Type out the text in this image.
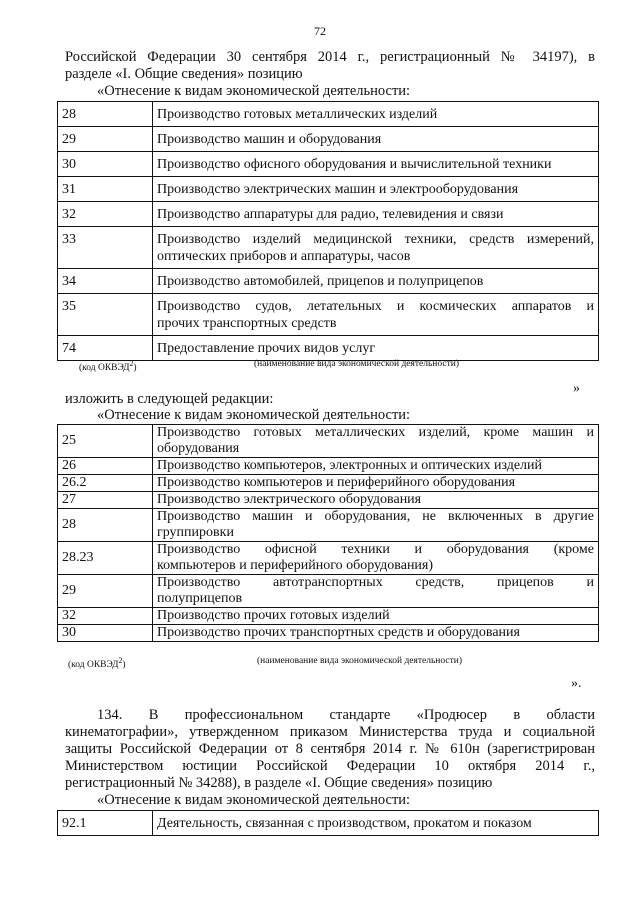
72
Российской Федерации 30 сентября 2014 г., регистрационный № 34197), в
разделе «I. Общие сведения» позицию
«Отнесение к видам экономической деятельности:
28	Производство готовых металлических изделий
29	Производство машин и оборудования
30	Производство офисного оборудования и вычислительной техники
31	Производство электрических машин и электрооборудования
32	Производство аппаратуры для радио, телевидения и связи
33	Производство изделий медицинской техники, средств измерений,
оптических приборов и аппаратуры, часов
34	Производство автомобилей, прицепов и полуприцепов
35	Производство судов, летательных и космических аппаратов и
прочих транспортных средств
74	Предоставление прочих видов услуг
(код ОКВЭД$^2$)	(наименование вида экономической деятельности)
»
изложить в следующей редакции:
«Отнесение к видам экономической деятельности:
25	Производство готовых металлических изделий, кроме машин и
оборудования
26	Производство компьютеров, электронных и оптических изделий
26.2	Производство компьютеров и периферийного оборудования
27	Производство электрического оборудования
28	Производство машин и оборудования, не включенных в другие
группировки
28.23	Производство офисной техники и оборудования (кроме
компьютеров и периферийного оборудования)
29	Производство автотранспортных средств, прицепов и
полуприцепов
32	Производство прочих готовых изделий
30	Производство прочих транспортных средств и оборудования
(код ОКВЭД$^2$)	(наименование вида экономической деятельности)
».
134. В профессиональном стандарте «Продюсер в области
кинематографии», утвержденном приказом Министерства труда и социальной
защиты Российской Федерации от 8 сентября 2014 г. № 610н (зарегистрирован
Министерством юстиции Российской Федерации 10 октября 2014 г.,
регистрационный № 34288), в разделе «I. Общие сведения» позицию
«Отнесение к видам экономической деятельности:
92.1	Деятельность, связанная с производством, прокатом и показом
